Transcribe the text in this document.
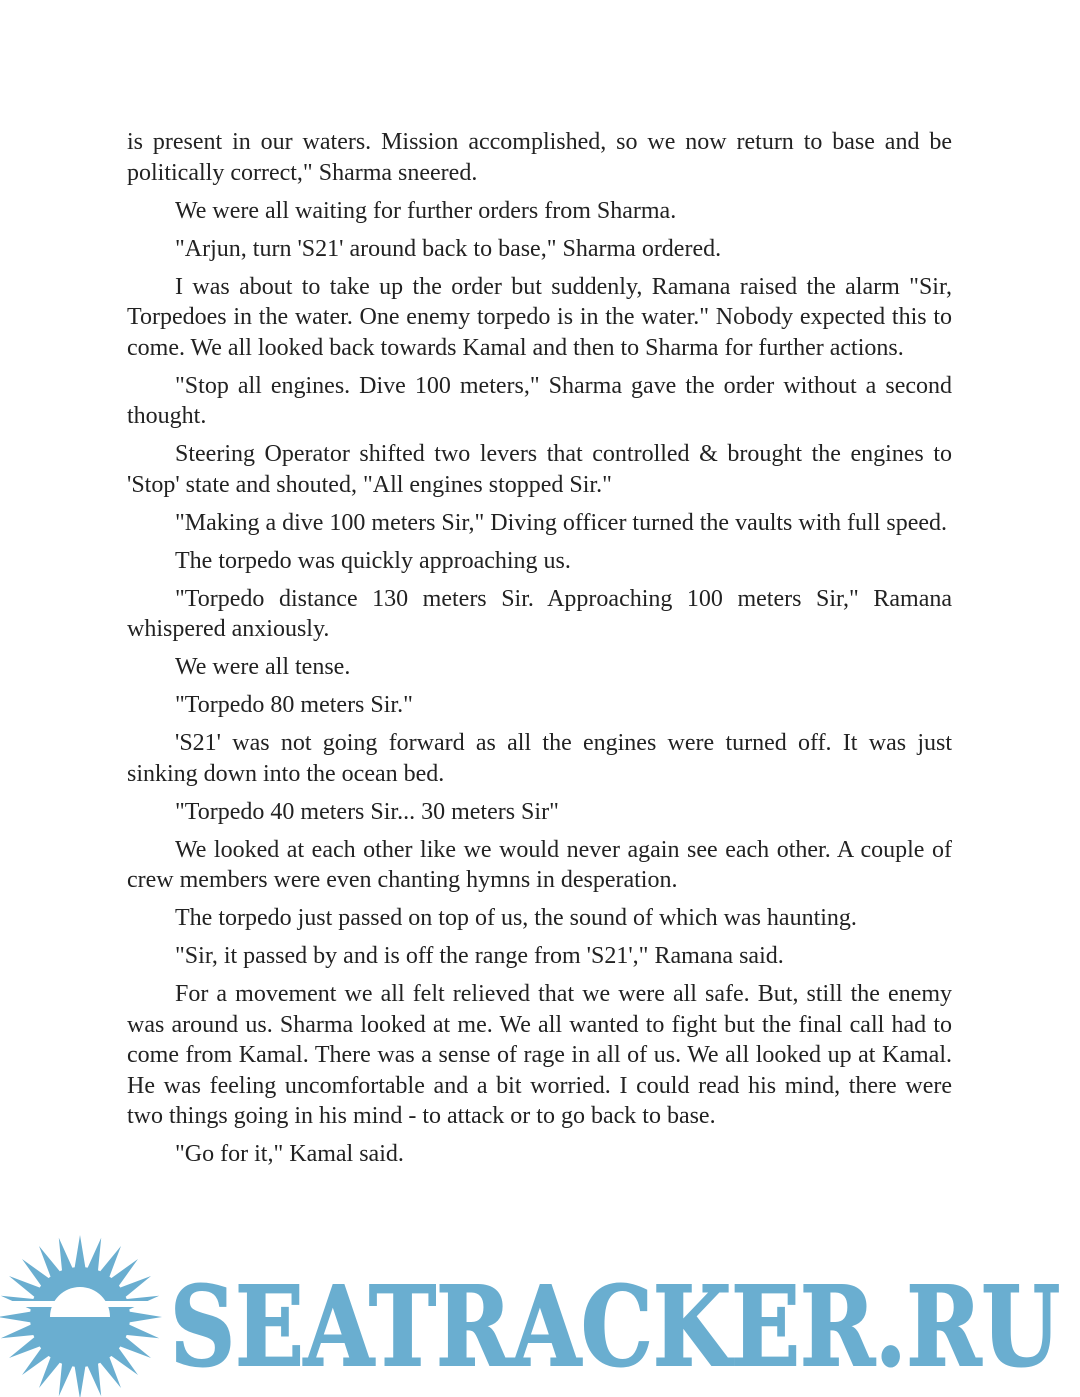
is present in our waters. Mission accomplished, so we now return to base and be politically correct," Sharma sneered.

We were all waiting for further orders from Sharma.

"Arjun, turn 'S21' around back to base," Sharma ordered.

I was about to take up the order but suddenly, Ramana raised the alarm "Sir, Torpedoes in the water. One enemy torpedo is in the water." Nobody expected this to come. We all looked back towards Kamal and then to Sharma for further actions.

"Stop all engines. Dive 100 meters," Sharma gave the order without a second thought.

Steering Operator shifted two levers that controlled & brought the engines to 'Stop' state and shouted, "All engines stopped Sir."

"Making a dive 100 meters Sir," Diving officer turned the vaults with full speed.

The torpedo was quickly approaching us.

"Torpedo distance 130 meters Sir. Approaching 100 meters Sir," Ramana whispered anxiously.

We were all tense.

"Torpedo 80 meters Sir."

'S21' was not going forward as all the engines were turned off. It was just sinking down into the ocean bed.

"Torpedo 40 meters Sir... 30 meters Sir"

We looked at each other like we would never again see each other. A couple of crew members were even chanting hymns in desperation.

The torpedo just passed on top of us, the sound of which was haunting.

"Sir, it passed by and is off the range from 'S21'," Ramana said.

For a movement we all felt relieved that we were all safe. But, still the enemy was around us. Sharma looked at me. We all wanted to fight but the final call had to come from Kamal. There was a sense of rage in all of us. We all looked up at Kamal. He was feeling uncomfortable and a bit worried. I could read his mind, there were two things going in his mind - to attack or to go back to base.

"Go for it," Kamal said.

SEATRACKER.RU
